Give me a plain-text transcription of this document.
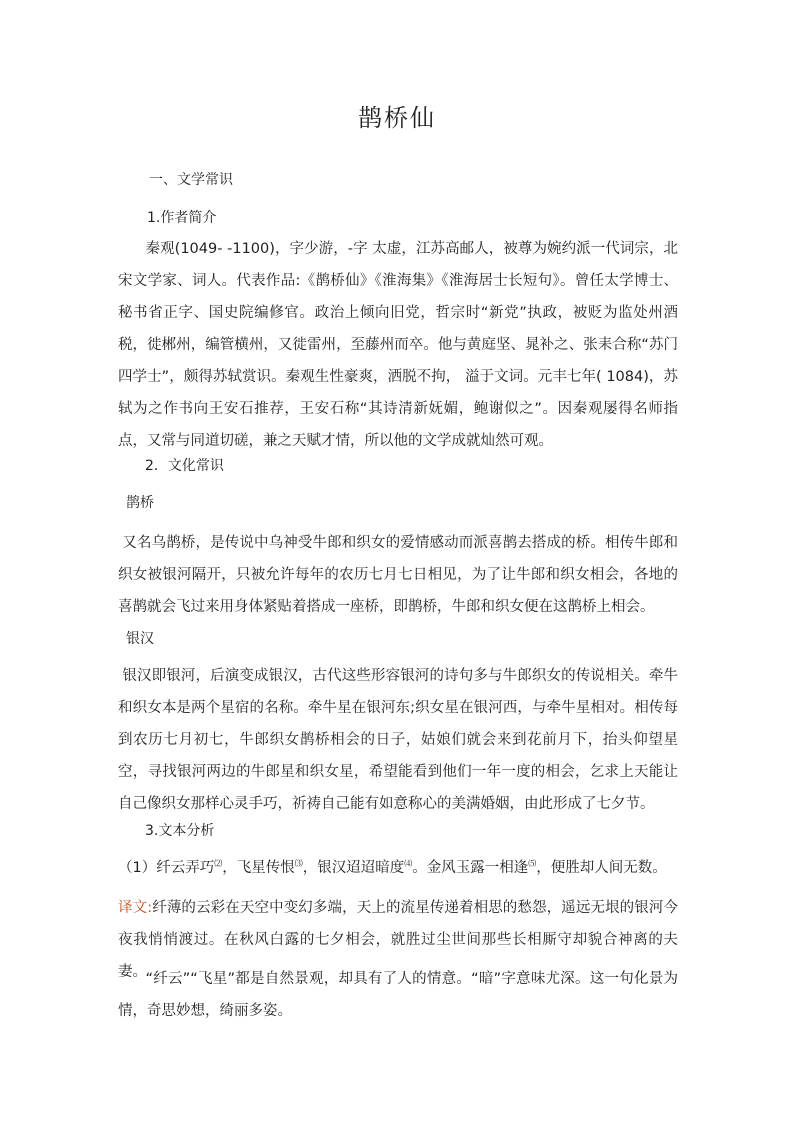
鹊桥仙
一、文学常识
1.作者简介
秦观(1049- -1100)，字少游，-字 太虚，江苏高邮人，被尊为婉约派一代词宗，北宋文学家、词人。代表作品:《鹊桥仙》《淮海集》《淮海居士长短句》。曾任太学博士、秘书省正字、国史院编修官。政治上倾向旧党，哲宗时“新党”执政，被贬为监处州酒税，徙郴州，编管横州，又徙雷州，至藤州而卒。他与黄庭坚、晁补之、张耒合称“苏门四学士”，颇得苏轼赏识。秦观生性豪爽，洒脱不拘， 溢于文词。元丰七年( 1084)，苏轼为之作书向王安石推荐，王安石称“其诗清新妩媚，鲍谢似之”。因秦观屡得名师指点，又常与同道切磋，兼之天赋才情，所以他的文学成就灿然可观。
2．文化常识
鹊桥
又名乌鹊桥，是传说中乌神受牛郎和织女的爱情感动而派喜鹊去搭成的桥。相传牛郎和织女被银河隔开，只被允许每年的农历七月七日相见，为了让牛郎和织女相会，各地的喜鹊就会飞过来用身体紧贴着搭成一座桥，即鹊桥，牛郎和织女便在这鹊桥上相会。
银汉
银汉即银河，后演变成银汉，古代这些形容银河的诗句多与牛郎织女的传说相关。牵牛和织女本是两个星宿的名称。牵牛星在银河东;织女星在银河西，与牵牛星相对。相传每到农历七月初七，牛郎织女鹊桥相会的日子，姑娘们就会来到花前月下，抬头仰望星空，寻找银河两边的牛郎星和织女星，希望能看到他们一年一度的相会，乞求上天能让自己像织女那样心灵手巧，祈祷自己能有如意称心的美满婚姻，由此形成了七夕节。
3.文本分析
（1）纤云弄巧⑵，飞星传恨⑶，银汉迢迢暗度⑷。金风玉露一相逢⑸，便胜却人间无数。
译文:纤薄的云彩在天空中变幻多端，天上的流星传递着相思的愁怨，遥远无垠的银河今夜我悄悄渡过。在秋风白露的七夕相会，就胜过尘世间那些长相厮守却貌合神离的夫妻。
“纤云”“飞星”都是自然景观，却具有了人的情意。“暗”字意味尤深。这一句化景为情，奇思妙想，绮丽多姿。
